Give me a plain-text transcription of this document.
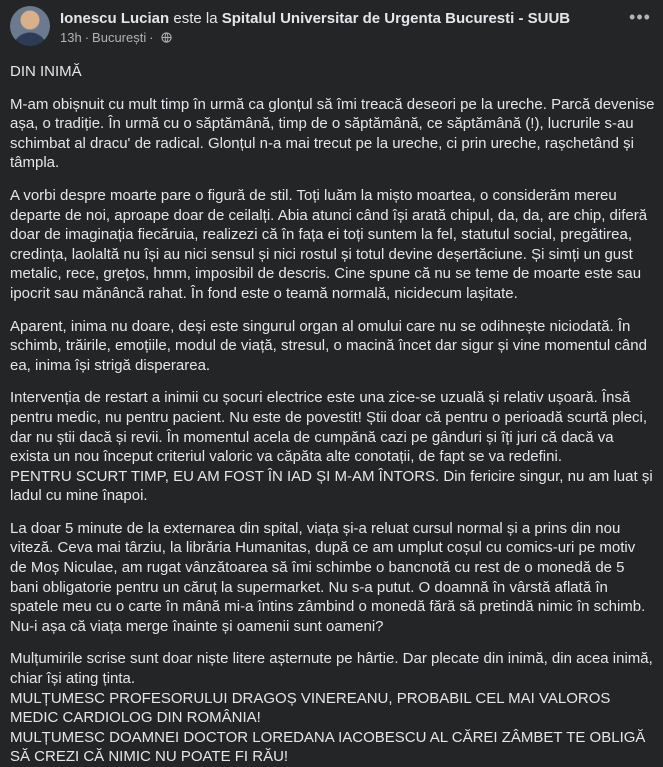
Ionescu Lucian este la Spitalul Universitar de Urgenta Bucuresti - SUUB
13h · București ·
•••

DIN INIMĂ

M-am obișnuit cu mult timp în urmă ca glonțul să îmi treacă deseori pe la ureche. Parcă devenise așa, o tradiție. În urmă cu o săptămână, timp de o săptămână, ce săptămână (!), lucrurile s-au schimbat al dracu' de radical. Glonțul n-a mai trecut pe la ureche, ci prin ureche, rașchetând și tâmpla.

A vorbi despre moarte pare o figură de stil. Toți luăm la mișto moartea, o considerăm mereu departe de noi, aproape doar de ceilalți. Abia atunci când își arată chipul, da, da, are chip, diferă doar de imaginația fiecăruia, realizezi că în fața ei toți suntem la fel, statutul social, pregătirea, credința, laolaltă nu își au nici sensul și nici rostul și totul devine deșertăciune. Și simți un gust metalic, rece, grețos, hmm, imposibil de descris. Cine spune că nu se teme de moarte este sau ipocrit sau mănâncă rahat. În fond este o teamă normală, nicidecum lașitate.

Aparent, inima nu doare, deși este singurul organ al omului care nu se odihnește niciodată. În schimb, trăirile, emoțiile, modul de viață, stresul, o macină încet dar sigur și vine momentul când ea, inima își strigă disperarea.

Intervenția de restart a inimii cu șocuri electrice este una zice-se uzuală și relativ ușoară. Însă pentru medic, nu pentru pacient. Nu este de povestit! Știi doar că pentru o perioadă scurtă pleci, dar nu știi dacă și revii. În momentul acela de cumpănă cazi pe gânduri și îți juri că dacă va exista un nou început criteriul valoric va căpăta alte conotații, de fapt se va redefini.

PENTRU SCURT TIMP, EU AM FOST ÎN IAD ȘI M-AM ÎNTORS. Din fericire singur, nu am luat și ladul cu mine înapoi.

La doar 5 minute de la externarea din spital, viața și-a reluat cursul normal și a prins din nou viteză. Ceva mai târziu, la librăria Humanitas, după ce am umplut coșul cu comics-uri pe motiv de Moș Niculae, am rugat vânzătoarea să îmi schimbe o bancnotă cu rest de o monedă de 5 bani obligatorie pentru un căruț la supermarket. Nu s-a putut. O doamnă în vârstă aflată în spatele meu cu o carte în mână mi-a întins zâmbind o monedă fără să pretindă nimic în schimb.

Nu-i așa că viața merge înainte și oamenii sunt oameni?

Mulțumirile scrise sunt doar niște litere așternute pe hârtie. Dar plecate din inimă, din acea inimă, chiar își ating ținta.

MULȚUMESC PROFESORULUI DRAGOȘ VINEREANU, PROBABIL CEL MAI VALOROS MEDIC CARDIOLOG DIN ROMÂNIA!

MULȚUMESC DOAMNEI DOCTOR LOREDANA IACOBESCU AL CĂREI ZÂMBET TE OBLIGĂ SĂ CREZI CĂ NIMIC NU POATE FI RĂU!
